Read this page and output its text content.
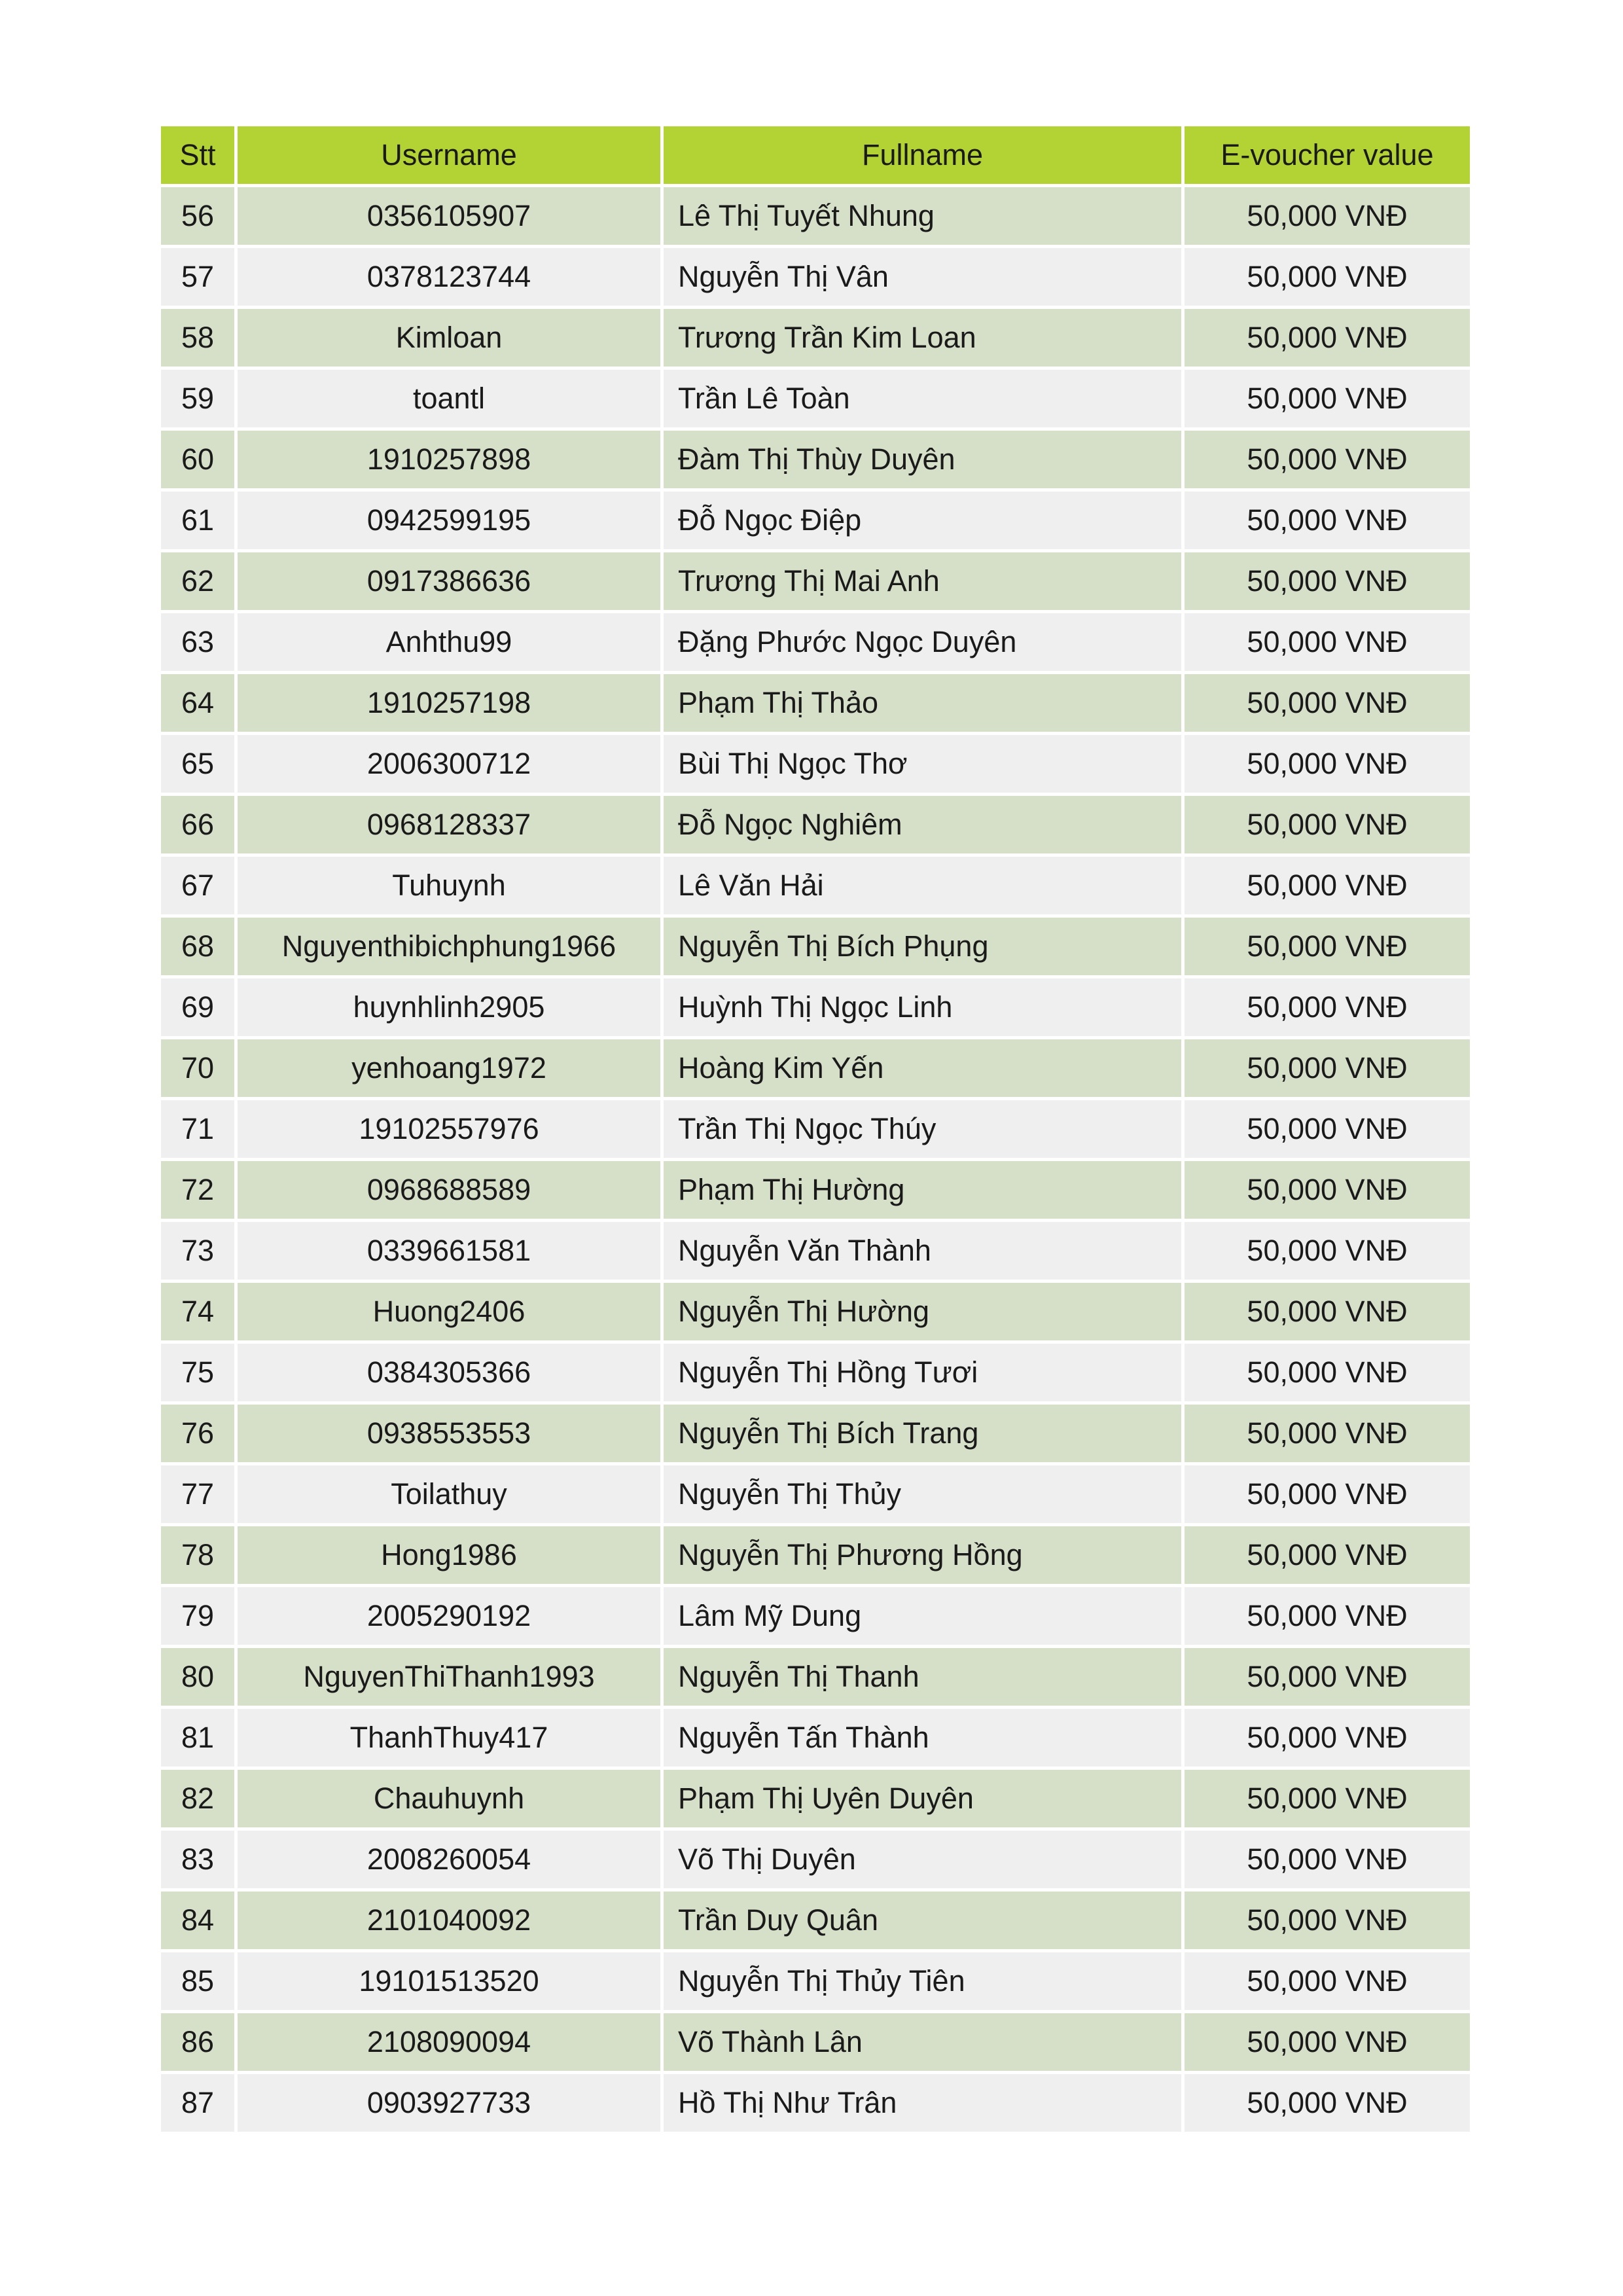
Stt	Username	Fullname	E-voucher value
56	0356105907	Lê Thị Tuyết Nhung	50,000 VNĐ
57	0378123744	Nguyễn Thị Vân	50,000 VNĐ
58	Kimloan	Trương Trần Kim Loan	50,000 VNĐ
59	toantl	Trần Lê Toàn	50,000 VNĐ
60	1910257898	Đàm Thị Thùy Duyên	50,000 VNĐ
61	0942599195	Đỗ Ngọc Điệp	50,000 VNĐ
62	0917386636	Trương Thị Mai Anh	50,000 VNĐ
63	Anhthu99	Đặng Phước Ngọc Duyên	50,000 VNĐ
64	1910257198	Phạm Thị Thảo	50,000 VNĐ
65	2006300712	Bùi Thị Ngọc Thơ	50,000 VNĐ
66	0968128337	Đỗ Ngọc Nghiêm	50,000 VNĐ
67	Tuhuynh	Lê Văn Hải	50,000 VNĐ
68	Nguyenthibichphung1966	Nguyễn Thị Bích Phụng	50,000 VNĐ
69	huynhlinh2905	Huỳnh Thị Ngọc Linh	50,000 VNĐ
70	yenhoang1972	Hoàng Kim Yến	50,000 VNĐ
71	19102557976	Trần Thị Ngọc Thúy	50,000 VNĐ
72	0968688589	Phạm Thị Hường	50,000 VNĐ
73	0339661581	Nguyễn Văn Thành	50,000 VNĐ
74	Huong2406	Nguyễn Thị Hường	50,000 VNĐ
75	0384305366	Nguyễn Thị Hồng Tươi	50,000 VNĐ
76	0938553553	Nguyễn Thị Bích Trang	50,000 VNĐ
77	Toilathuy	Nguyễn Thị Thủy	50,000 VNĐ
78	Hong1986	Nguyễn Thị Phương Hồng	50,000 VNĐ
79	2005290192	Lâm Mỹ Dung	50,000 VNĐ
80	NguyenThiThanh1993	Nguyễn Thị Thanh	50,000 VNĐ
81	ThanhThuy417	Nguyễn Tấn Thành	50,000 VNĐ
82	Chauhuynh	Phạm Thị Uyên Duyên	50,000 VNĐ
83	2008260054	Võ Thị Duyên	50,000 VNĐ
84	2101040092	Trần Duy Quân	50,000 VNĐ
85	19101513520	Nguyễn Thị Thủy Tiên	50,000 VNĐ
86	2108090094	Võ Thành Lân	50,000 VNĐ
87	0903927733	Hồ Thị Như Trân	50,000 VNĐ
